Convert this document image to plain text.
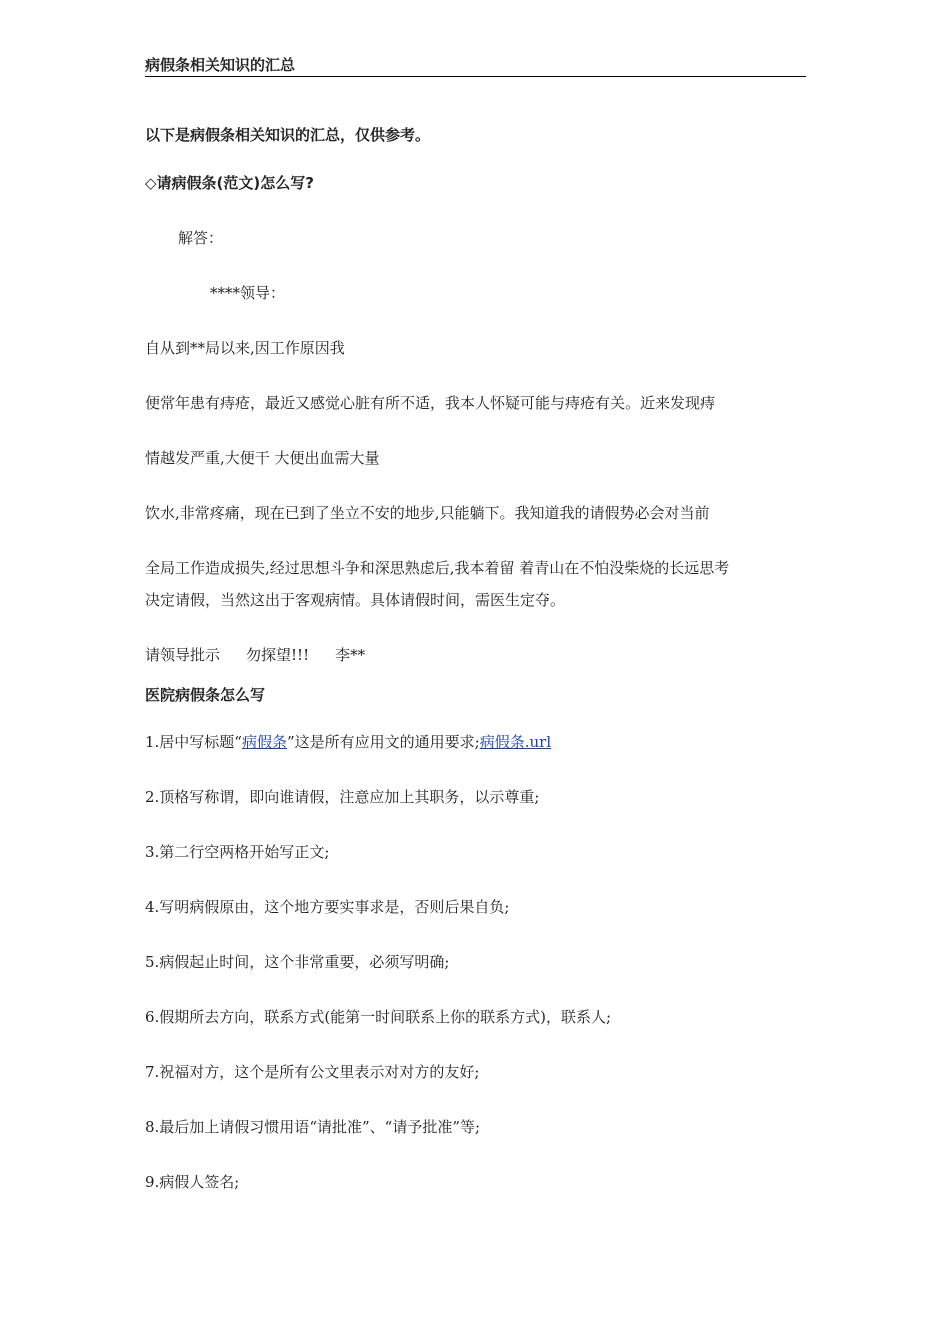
病假条相关知识的汇总
以下是病假条相关知识的汇总，仅供参考。
◇请病假条(范文)怎么写?
解答：
****领导：
自从到**局以来,因工作原因我
便常年患有痔疮，最近又感觉心脏有所不适，我本人怀疑可能与痔疮有关。近来发现痔
情越发严重,大便干 大便出血需大量
饮水,非常疼痛，现在已到了坐立不安的地步,只能躺下。我知道我的请假势必会对当前
全局工作造成损失,经过思想斗争和深思熟虑后,我本着留 着青山在不怕没柴烧的长远思考
决定请假，当然这出于客观病情。具体请假时间，需医生定夺。
请领导批示 勿探望!!! 李**
医院病假条怎么写
1.居中写标题“病假条”这是所有应用文的通用要求;病假条.url
2.顶格写称谓，即向谁请假，注意应加上其职务，以示尊重;
3.第二行空两格开始写正文;
4.写明病假原由，这个地方要实事求是，否则后果自负;
5.病假起止时间，这个非常重要，必须写明确;
6.假期所去方向，联系方式(能第一时间联系上你的联系方式)，联系人;
7.祝福对方，这个是所有公文里表示对对方的友好;
8.最后加上请假习惯用语“请批准”、“请予批准”等;
9.病假人签名;
